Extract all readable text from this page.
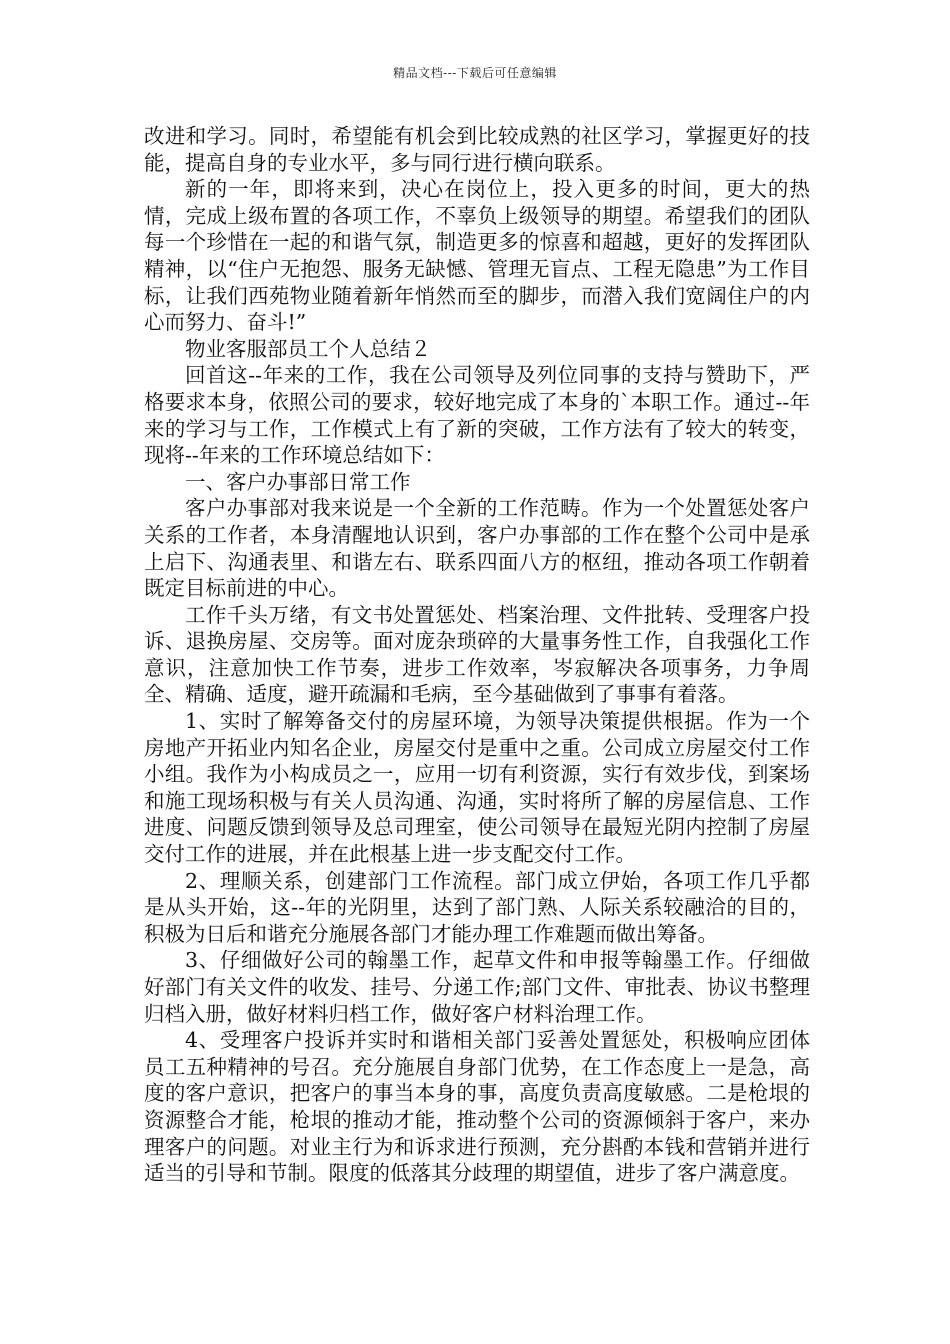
精品文档---下载后可任意编辑

改进和学习。同时，希望能有机会到比较成熟的社区学习，掌握更好的技能，提高自身的专业水平，多与同行进行横向联系。

新的一年，即将来到，决心在岗位上，投入更多的时间，更大的热情，完成上级布置的各项工作，不辜负上级领导的期望。希望我们的团队每一个珍惜在一起的和谐气氛，制造更多的惊喜和超越，更好的发挥团队精神，以“住户无抱怨、服务无缺憾、管理无盲点、工程无隐患”为工作目标，让我们西苑物业随着新年悄然而至的脚步，而潜入我们宽阔住户的内心而努力、奋斗!”

物业客服部员工个人总结２

回首这--年来的工作，我在公司领导及列位同事的支持与赞助下，严格要求本身，依照公司的要求，较好地完成了本身的`本职工作。通过--年来的学习与工作，工作模式上有了新的突破，工作方法有了较大的转变，现将--年来的工作环境总结如下：

一、客户办事部日常工作

客户办事部对我来说是一个全新的工作范畴。作为一个处置惩处客户关系的工作者，本身清醒地认识到，客户办事部的工作在整个公司中是承上启下、沟通表里、和谐左右、联系四面八方的枢纽，推动各项工作朝着既定目标前进的中心。

工作千头万绪，有文书处置惩处、档案治理、文件批转、受理客户投诉、退换房屋、交房等。面对庞杂琐碎的大量事务性工作，自我强化工作意识，注意加快工作节奏，进步工作效率，岑寂解决各项事务，力争周全、精确、适度，避开疏漏和毛病，至今基础做到了事事有着落。

1、实时了解筹备交付的房屋环境，为领导决策提供根据。作为一个房地产开拓业内知名企业，房屋交付是重中之重。公司成立房屋交付工作小组。我作为小构成员之一，应用一切有利资源，实行有效步伐，到案场和施工现场积极与有关人员沟通、沟通，实时将所了解的房屋信息、工作进度、问题反馈到领导及总司理室，使公司领导在最短光阴内控制了房屋交付工作的进展，并在此根基上进一步支配交付工作。

2、理顺关系，创建部门工作流程。部门成立伊始，各项工作几乎都是从头开始，这--年的光阴里，达到了部门熟、人际关系较融洽的目的，积极为日后和谐充分施展各部门才能办理工作难题而做出筹备。

3、仔细做好公司的翰墨工作，起草文件和申报等翰墨工作。仔细做好部门有关文件的收发、挂号、分递工作;部门文件、审批表、协议书整理归档入册，做好材料归档工作，做好客户材料治理工作。

4、受理客户投诉并实时和谐相关部门妥善处置惩处，积极响应团体员工五种精神的号召。充分施展自身部门优势，在工作态度上一是急，高度的客户意识，把客户的事当本身的事，高度负责高度敏感。二是枪垠的资源整合才能，枪垠的推动才能，推动整个公司的资源倾斜于客户，来办理客户的问题。对业主行为和诉求进行预测，充分斟酌本钱和营销并进行适当的引导和节制。限度的低落其分歧理的期望值，进步了客户满意度。
